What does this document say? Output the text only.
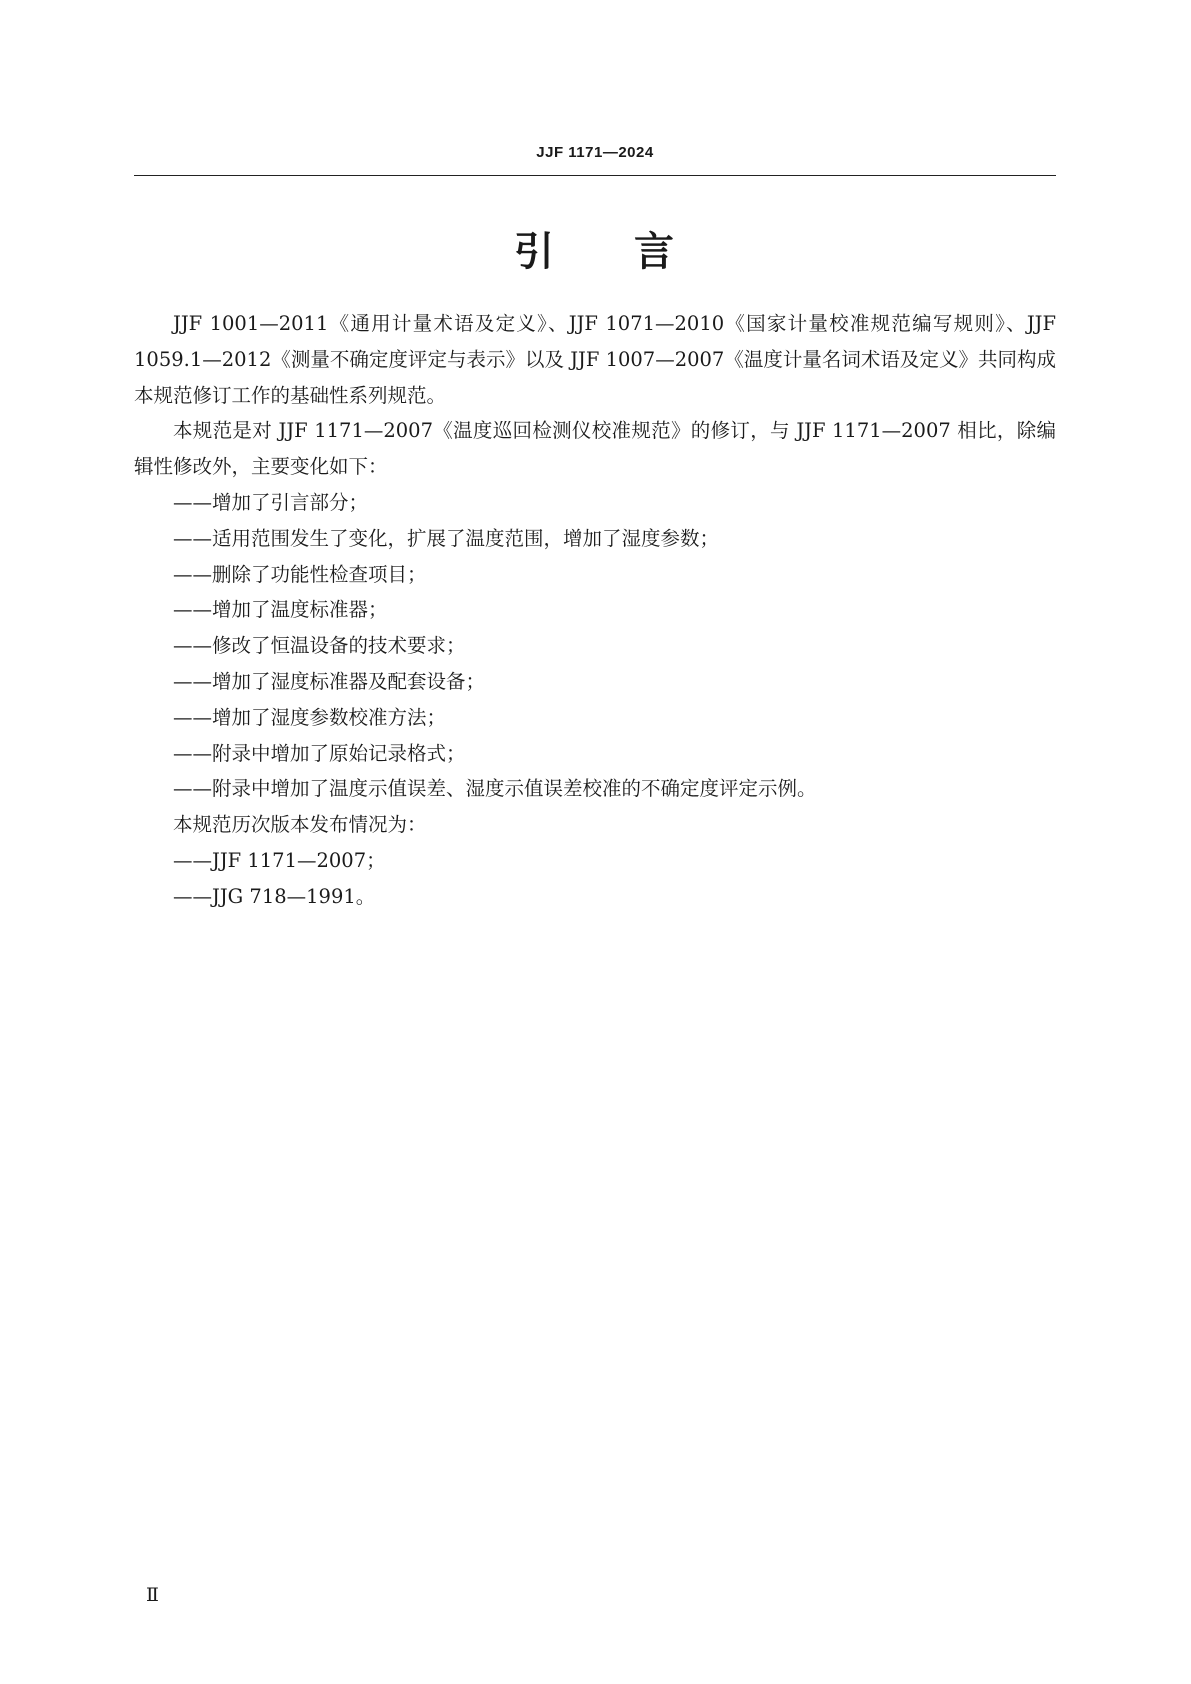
JJF 1171—2024
引 言

JJF 1001—2011《通用计量术语及定义》、JJF 1071—2010《国家计量校准规范编写规则》、JJF 1059.1—2012《测量不确定度评定与表示》以及 JJF 1007—2007《温度计量名词术语及定义》共同构成本规范修订工作的基础性系列规范。

本规范是对 JJF 1171—2007《温度巡回检测仪校准规范》的修订，与 JJF 1171—2007 相比，除编辑性修改外，主要变化如下：

——增加了引言部分；

——适用范围发生了变化，扩展了温度范围，增加了湿度参数；

——删除了功能性检查项目；

——增加了温度标准器；

——修改了恒温设备的技术要求；

——增加了湿度标准器及配套设备；

——增加了湿度参数校准方法；

——附录中增加了原始记录格式；

——附录中增加了温度示值误差、湿度示值误差校准的不确定度评定示例。

本规范历次版本发布情况为：

——JJF 1171—2007；

——JJG 718—1991。

Ⅱ
